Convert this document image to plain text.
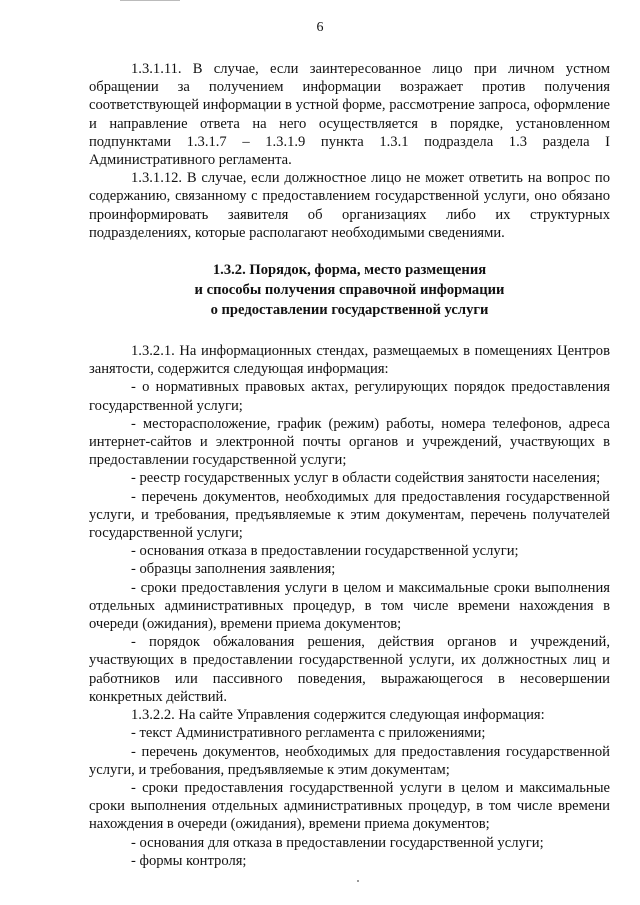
6

1.3.1.11. В случае, если заинтересованное лицо при личном устном обращении за получением информации возражает против получения соответствующей информации в устной форме, рассмотрение запроса, оформление и направление ответа на него осуществляется в порядке, установленном подпунктами 1.3.1.7 – 1.3.1.9 пункта 1.3.1 подраздела 1.3 раздела I Административного регламента.

1.3.1.12. В случае, если должностное лицо не может ответить на вопрос по содержанию, связанному с предоставлением государственной услуги, оно обязано проинформировать заявителя об организациях либо их структурных подразделениях, которые располагают необходимыми сведениями.

1.3.2. Порядок, форма, место размещения
и способы получения справочной информации
о предоставлении государственной услуги

1.3.2.1. На информационных стендах, размещаемых в помещениях Центров занятости, содержится следующая информация:

- о нормативных правовых актах, регулирующих порядок предоставления государственной услуги;

- месторасположение, график (режим) работы, номера телефонов, адреса интернет-сайтов и электронной почты органов и учреждений, участвующих в предоставлении государственной услуги;

- реестр государственных услуг в области содействия занятости населения;

- перечень документов, необходимых для предоставления государственной услуги, и требования, предъявляемые к этим документам, перечень получателей государственной услуги;

- основания отказа в предоставлении государственной услуги;

- образцы заполнения заявления;

- сроки предоставления услуги в целом и максимальные сроки выполнения отдельных административных процедур, в том числе времени нахождения в очереди (ожидания), времени приема документов;

- порядок обжалования решения, действия органов и учреждений, участвующих в предоставлении государственной услуги, их должностных лиц и работников или пассивного поведения, выражающегося в несовершении конкретных действий.

1.3.2.2. На сайте Управления содержится следующая информация:

- текст Административного регламента с приложениями;

- перечень документов, необходимых для предоставления государственной услуги, и требования, предъявляемые к этим документам;

- сроки предоставления государственной услуги в целом и максимальные сроки выполнения отдельных административных процедур, в том числе времени нахождения в очереди (ожидания), времени приема документов;

- основания для отказа в предоставлении государственной услуги;

- формы контроля;
